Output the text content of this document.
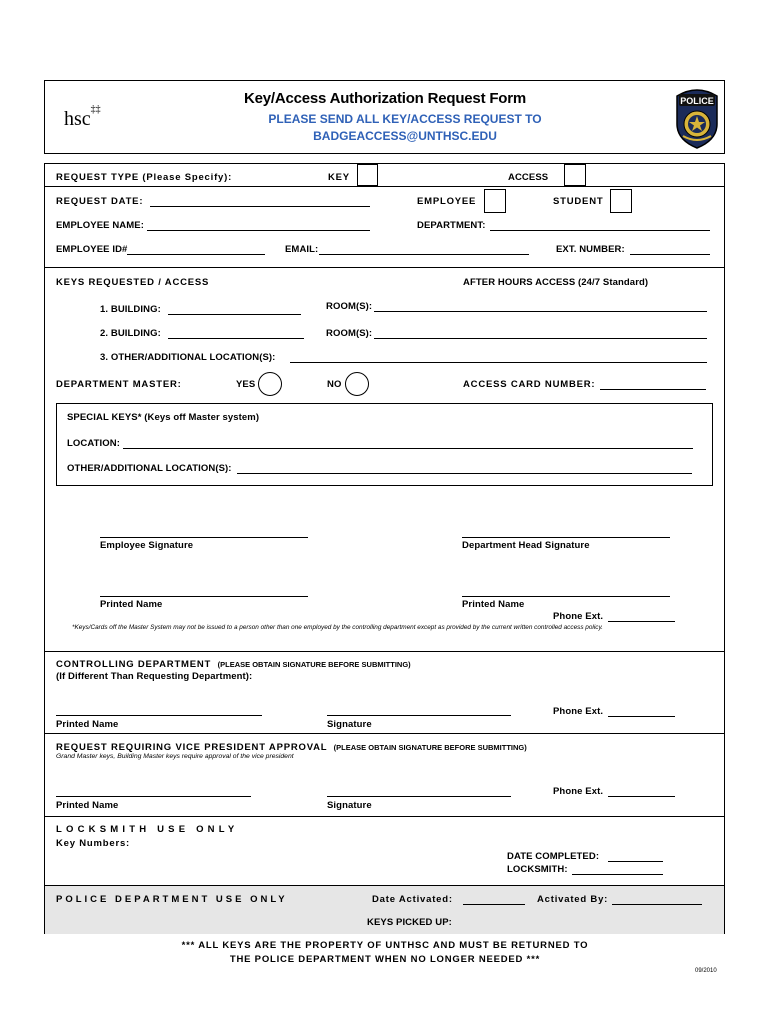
hsc‡‡
Key/Access Authorization Request Form
PLEASE SEND ALL KEY/ACCESS REQUEST TO
BADGEACCESS@UNTHSC.EDU
POLICE
REQUEST TYPE (Please Specify):	KEY	ACCESS
REQUEST DATE:	EMPLOYEE	STUDENT
EMPLOYEE NAME:	DEPARTMENT:
EMPLOYEE ID#	EMAIL:	EXT. NUMBER:
KEYS REQUESTED / ACCESS	AFTER HOURS ACCESS (24/7 Standard)
1. BUILDING:	ROOM(S):
2. BUILDING:	ROOM(S):
3. OTHER/ADDITIONAL LOCATION(S):
DEPARTMENT MASTER:	YES	NO	ACCESS CARD NUMBER:
SPECIAL KEYS* (Keys off Master system)
LOCATION:
OTHER/ADDITIONAL LOCATION(S):
Employee Signature	Department Head Signature
Printed Name	Printed Name
Phone Ext.
*Keys/Cards off the Master System may not be issued to a person other than one employed by the controlling department except as provided by the current written controlled access policy.
CONTROLLING DEPARTMENT (PLEASE OBTAIN SIGNATURE BEFORE SUBMITTING)
(If Different Than Requesting Department):
Phone Ext.
Printed Name	Signature
REQUEST REQUIRING VICE PRESIDENT APPROVAL (PLEASE OBTAIN SIGNATURE BEFORE SUBMITTING)
Grand Master keys, Building Master keys require approval of the vice president
Phone Ext.
Printed Name	Signature
LOCKSMITH USE ONLY
Key Numbers:
DATE COMPLETED:
LOCKSMITH:
POLICE DEPARTMENT USE ONLY	Date Activated:	Activated By:
KEYS PICKED UP:
*** ALL KEYS ARE THE PROPERTY OF UNTHSC AND MUST BE RETURNED TO
THE POLICE DEPARTMENT WHEN NO LONGER NEEDED ***
09/2010
